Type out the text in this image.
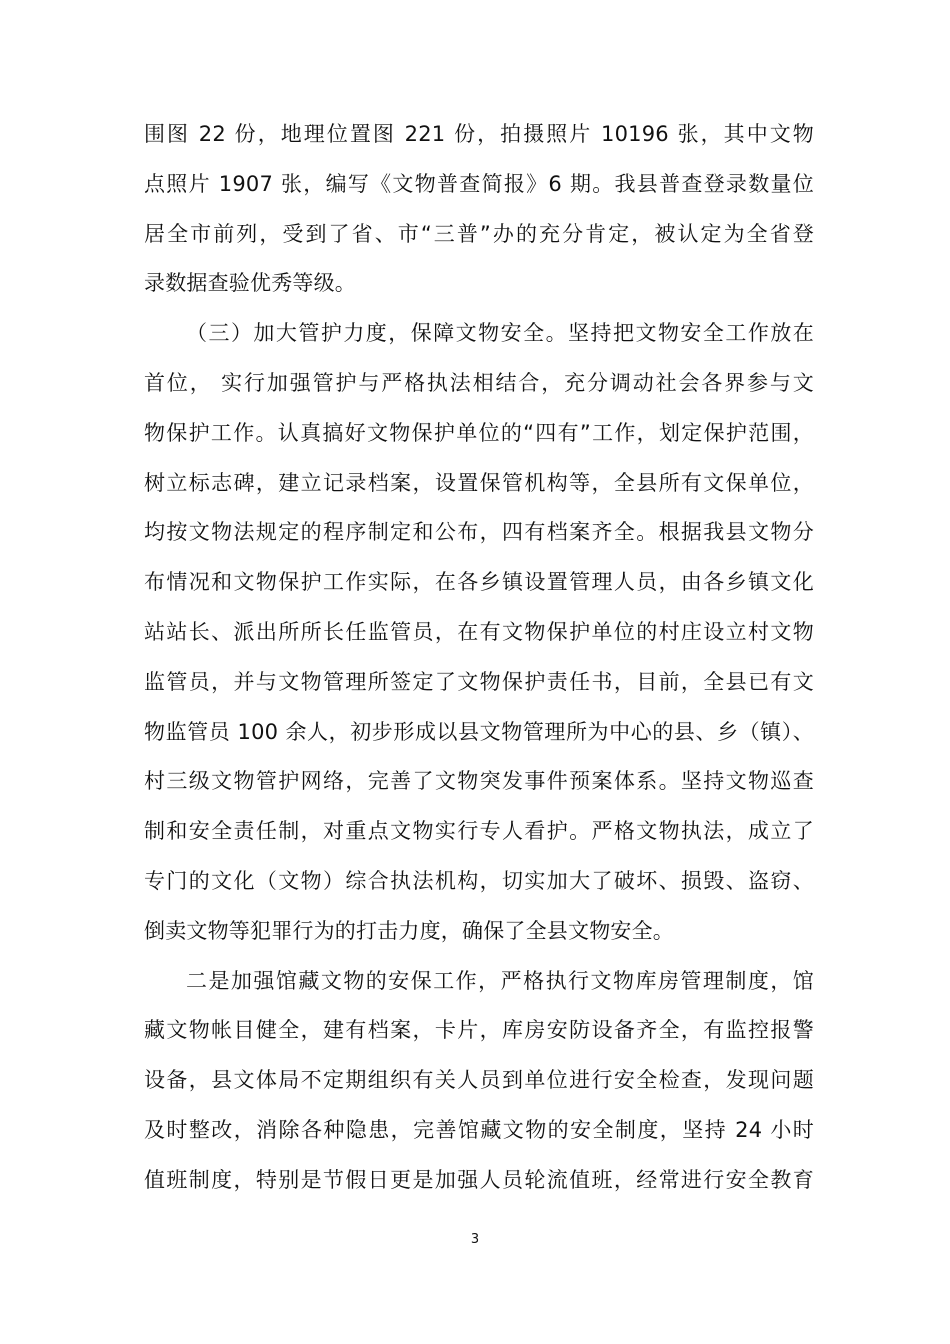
围图 22 份，地理位置图 221 份，拍摄照片 10196 张，其中文物
点照片 1907 张，编写《文物普查简报》6 期。我县普查登录数量位
居全市前列，受到了省、市“三普”办的充分肯定，被认定为全省登
录数据查验优秀等级。
（三）加大管护力度，保障文物安全。坚持把文物安全工作放在
首位， 实行加强管护与严格执法相结合，充分调动社会各界参与文
物保护工作。认真搞好文物保护单位的“四有”工作，划定保护范围，
树立标志碑，建立记录档案，设置保管机构等，全县所有文保单位，
均按文物法规定的程序制定和公布，四有档案齐全。根据我县文物分
布情况和文物保护工作实际，在各乡镇设置管理人员，由各乡镇文化
站站长、派出所所长任监管员，在有文物保护单位的村庄设立村文物
监管员，并与文物管理所签定了文物保护责任书，目前，全县已有文
物监管员 100 余人，初步形成以县文物管理所为中心的县、乡（镇）、
村三级文物管护网络，完善了文物突发事件预案体系。坚持文物巡查
制和安全责任制，对重点文物实行专人看护。严格文物执法，成立了
专门的文化（文物）综合执法机构，切实加大了破坏、损毁、盗窃、
倒卖文物等犯罪行为的打击力度，确保了全县文物安全。
二是加强馆藏文物的安保工作，严格执行文物库房管理制度，馆
藏文物帐目健全，建有档案，卡片，库房安防设备齐全，有监控报警
设备，县文体局不定期组织有关人员到单位进行安全检查，发现问题
及时整改，消除各种隐患，完善馆藏文物的安全制度，坚持 24 小时
值班制度，特别是节假日更是加强人员轮流值班，经常进行安全教育
3
